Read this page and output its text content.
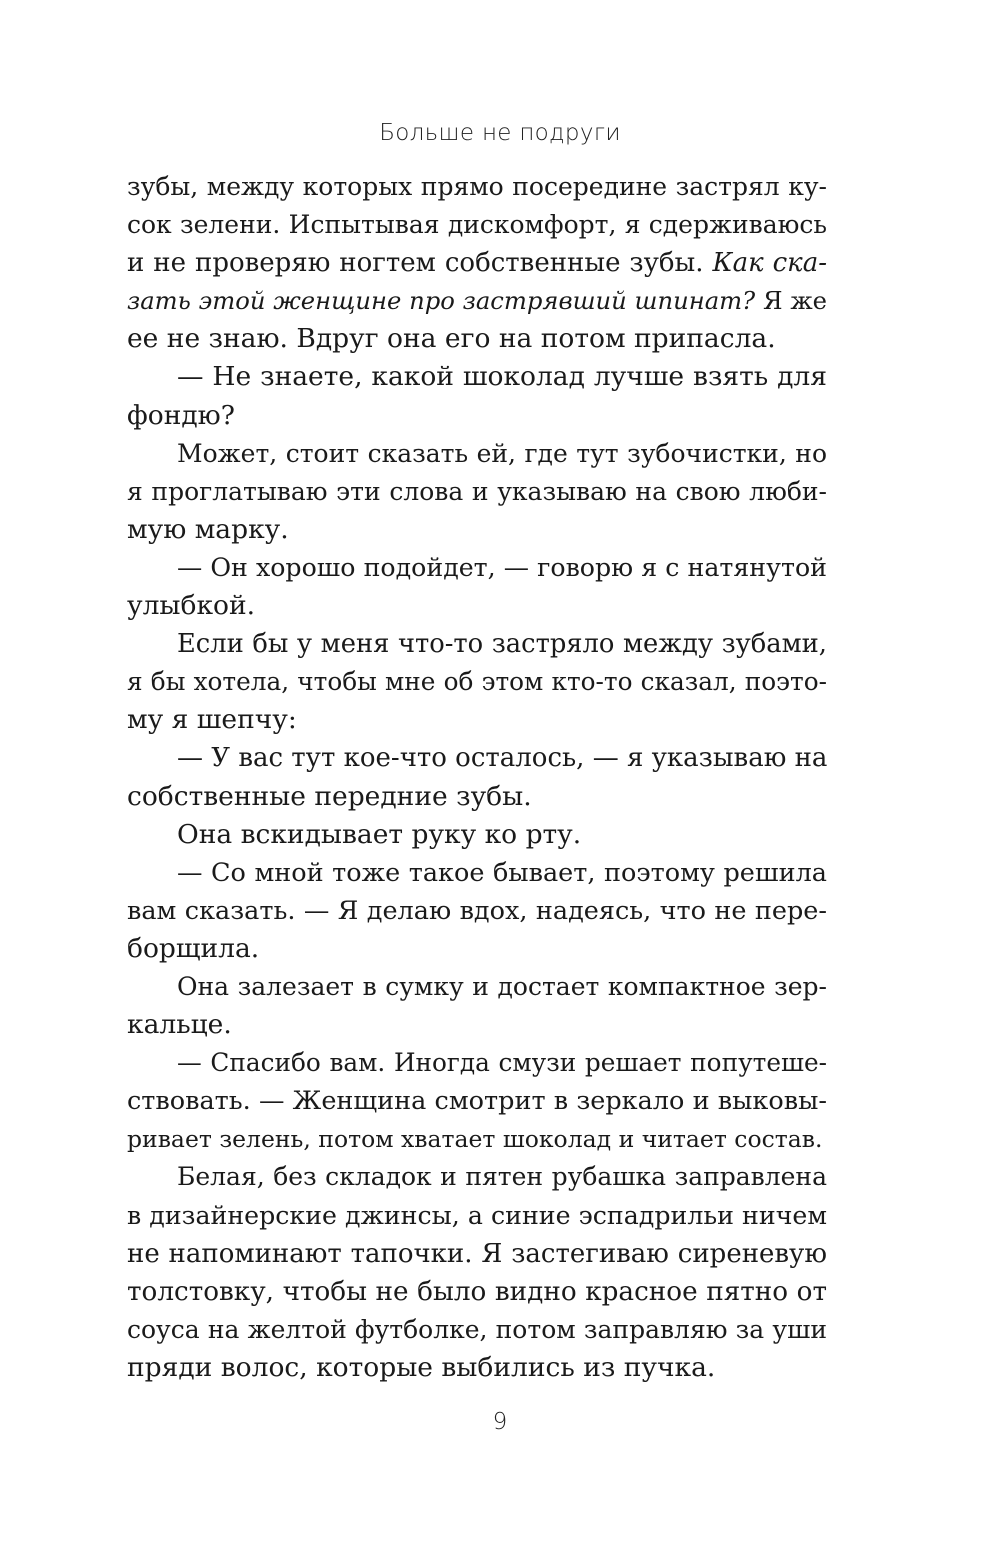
Больше не подруги
зубы, между которых прямо посередине застрял ку-
сок зелени. Испытывая дискомфорт, я сдерживаюсь
и не проверяю ногтем собственные зубы. Как ска-
зать этой женщине про застрявший шпинат? Я же
ее не знаю. Вдруг она его на потом припасла.
— Не знаете, какой шоколад лучше взять для
фондю?
Может, стоит сказать ей, где тут зубочистки, но
я проглатываю эти слова и указываю на свою люби-
мую марку.
— Он хорошо подойдет, — говорю я с натянутой
улыбкой.
Если бы у меня что-то застряло между зубами,
я бы хотела, чтобы мне об этом кто-то сказал, поэто-
му я шепчу:
— У вас тут кое-что осталось, — я указываю на
собственные передние зубы.
Она вскидывает руку ко рту.
— Со мной тоже такое бывает, поэтому решила
вам сказать. — Я делаю вдох, надеясь, что не пере-
борщила.
Она залезает в сумку и достает компактное зер-
кальце.
— Спасибо вам. Иногда смузи решает попутеше-
ствовать. — Женщина смотрит в зеркало и выковы-
ривает зелень, потом хватает шоколад и читает состав.
Белая, без складок и пятен рубашка заправлена
в дизайнерские джинсы, а синие эспадрильи ничем
не напоминают тапочки. Я застегиваю сиреневую
толстовку, чтобы не было видно красное пятно от
соуса на желтой футболке, потом заправляю за уши
пряди волос, которые выбились из пучка.
9
